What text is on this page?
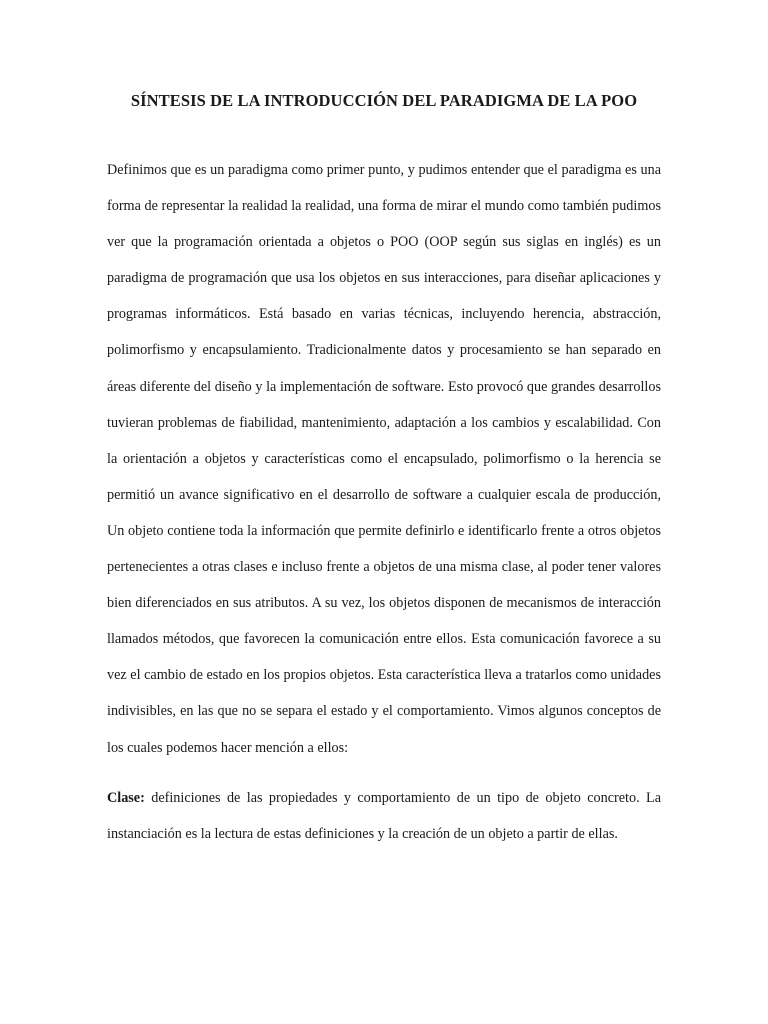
SÍNTESIS DE LA INTRODUCCIÓN DEL PARADIGMA DE LA POO

Definimos que es un paradigma como primer punto, y pudimos entender que el paradigma es una forma de representar la realidad la realidad, una forma de mirar el mundo como también pudimos ver que la programación orientada a objetos o POO (OOP según sus siglas en inglés) es un paradigma de programación que usa los objetos en sus interacciones, para diseñar aplicaciones y programas informáticos. Está basado en varias técnicas, incluyendo herencia, abstracción, polimorfismo y encapsulamiento. Tradicionalmente datos y procesamiento se han separado en áreas diferente del diseño y la implementación de software. Esto provocó que grandes desarrollos tuvieran problemas de fiabilidad, mantenimiento, adaptación a los cambios y escalabilidad. Con la orientación a objetos y características como el encapsulado, polimorfismo o la herencia se permitió un avance significativo en el desarrollo de software a cualquier escala de producción, Un objeto contiene toda la información que permite definirlo e identificarlo frente a otros objetos pertenecientes a otras clases e incluso frente a objetos de una misma clase, al poder tener valores bien diferenciados en sus atributos. A su vez, los objetos disponen de mecanismos de interacción llamados métodos, que favorecen la comunicación entre ellos. Esta comunicación favorece a su vez el cambio de estado en los propios objetos. Esta característica lleva a tratarlos como unidades indivisibles, en las que no se separa el estado y el comportamiento. Vimos algunos conceptos de los cuales podemos hacer mención a ellos:

Clase: definiciones de las propiedades y comportamiento de un tipo de objeto concreto. La instanciación es la lectura de estas definiciones y la creación de un objeto a partir de ellas.
